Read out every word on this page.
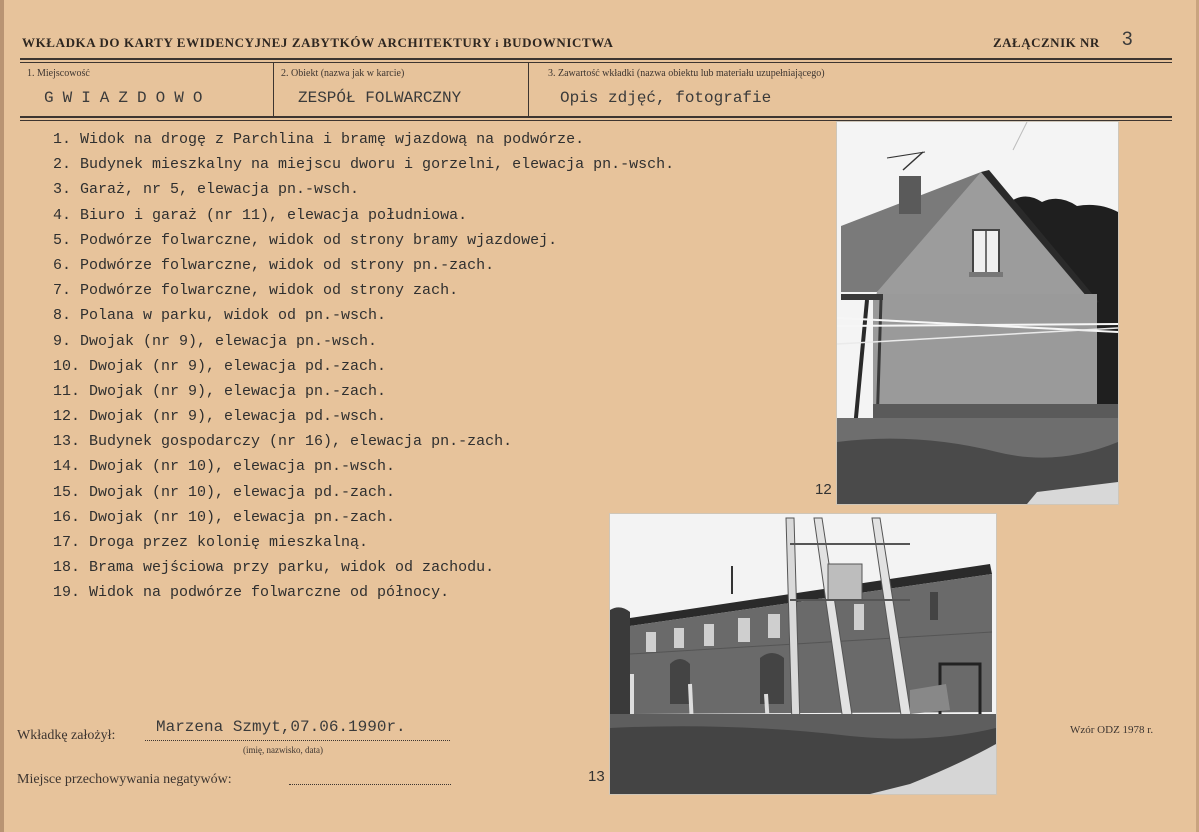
WKŁADKA DO KARTY EWIDENCYJNEJ ZABYTKÓW ARCHITEKTURY i BUDOWNICTWA	ZAŁĄCZNIK NR 3
1. Miejscowość
GWIAZDOWO
2. Obiekt (nazwa jak w karcie)
ZESPÓŁ FOLWARCZNY
3. Zawartość wkładki (nazwa obiektu lub materiału uzupełniającego)
Opis zdjęć, fotografie
1. Widok na drogę z Parchlina i bramę wjazdową na podwórze.
2. Budynek mieszkalny na miejscu dworu i gorzelni, elewacja pn.-wsch.
3. Garaż, nr 5, elewacja pn.-wsch.
4. Biuro i garaż (nr 11), elewacja południowa.
5. Podwórze folwarczne, widok od strony bramy wjazdowej.
6. Podwórze folwarczne, widok od strony pn.-zach.
7. Podwórze folwarczne, widok od strony zach.
8. Polana w parku, widok od pn.-wsch.
9. Dwojak (nr 9), elewacja pn.-wsch.
10. Dwojak (nr 9), elewacja pd.-zach.
11. Dwojak (nr 9), elewacja pn.-zach.
12. Dwojak (nr 9), elewacja pd.-wsch.
13. Budynek gospodarczy (nr 16), elewacja pn.-zach.
14. Dwojak (nr 10), elewacja pn.-wsch.
15. Dwojak (nr 10), elewacja pd.-zach.
16. Dwojak (nr 10), elewacja pn.-zach.
17. Droga przez kolonię mieszkalną.
18. Brama wejściowa przy parku, widok od zachodu.
19. Widok na podwórze folwarczne od północy.
12
13
Wkładkę założył:	Marzena Szmyt,07.06.1990r.
(imię, nazwisko, data)
Miejsce przechowywania negatywów:
Wzór ODZ 1978 r.
